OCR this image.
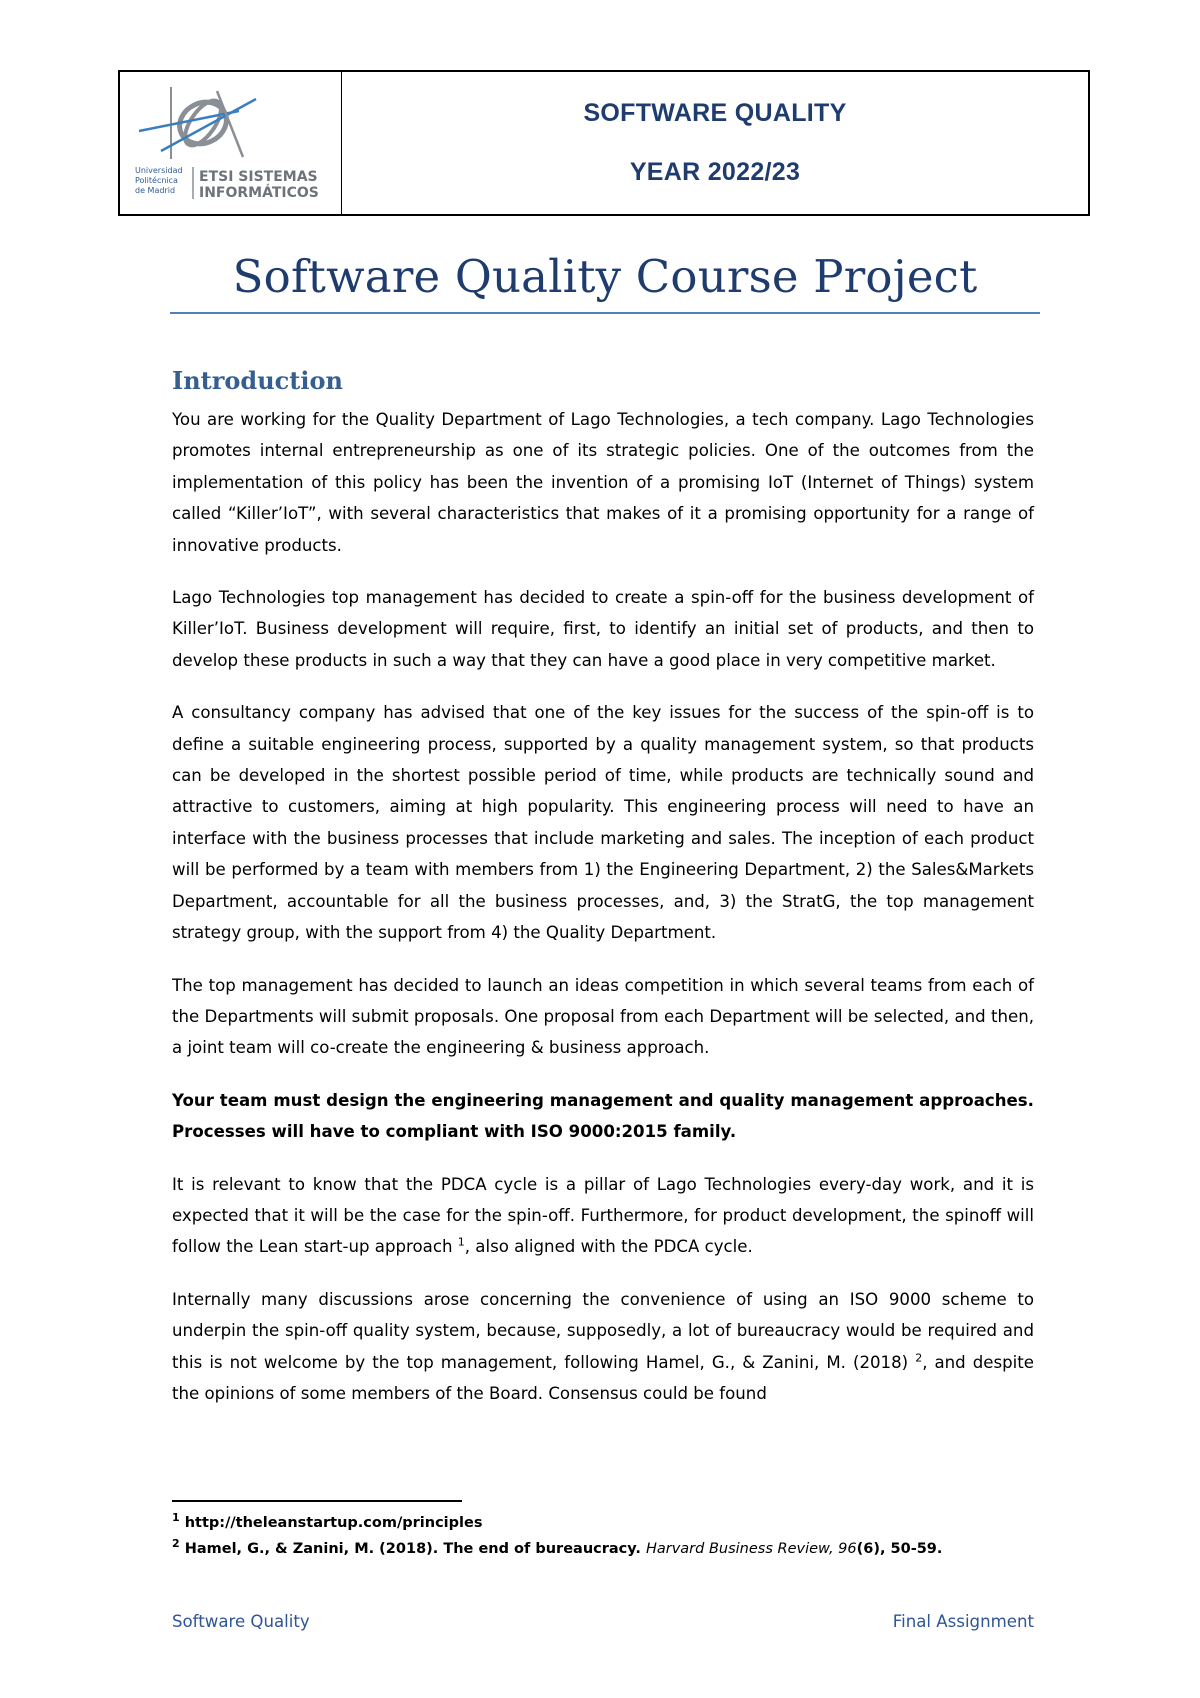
Universidad
Politécnica
de Madrid
ETSI SISTEMAS
INFORMÁTICOS
SOFTWARE QUALITY
YEAR 2022/23
Software Quality Course Project
Introduction

You are working for the Quality Department of Lago Technologies, a tech company. Lago Technologies promotes internal entrepreneurship as one of its strategic policies. One of the outcomes from the implementation of this policy has been the invention of a promising IoT (Internet of Things) system called “Killer’IoT”, with several characteristics that makes of it a promising opportunity for a range of innovative products.

Lago Technologies top management has decided to create a spin-off for the business development of Killer’IoT. Business development will require, first, to identify an initial set of products, and then to develop these products in such a way that they can have a good place in very competitive market.

A consultancy company has advised that one of the key issues for the success of the spin-off is to define a suitable engineering process, supported by a quality management system, so that products can be developed in the shortest possible period of time, while products are technically sound and attractive to customers, aiming at high popularity. This engineering process will need to have an interface with the business processes that include marketing and sales. The inception of each product will be performed by a team with members from 1) the Engineering Department, 2) the Sales&Markets Department, accountable for all the business processes, and, 3) the StratG, the top management strategy group, with the support from 4) the Quality Department.

The top management has decided to launch an ideas competition in which several teams from each of the Departments will submit proposals. One proposal from each Department will be selected, and then, a joint team will co-create the engineering & business approach.

Your team must design the engineering management and quality management approaches. Processes will have to compliant with ISO 9000:2015 family.

It is relevant to know that the PDCA cycle is a pillar of Lago Technologies every-day work, and it is expected that it will be the case for the spin-off. Furthermore, for product development, the spinoff will follow the Lean start-up approach $^1$, also aligned with the PDCA cycle.

Internally many discussions arose concerning the convenience of using an ISO 9000 scheme to underpin the spin-off quality system, because, supposedly, a lot of bureaucracy would be required and this is not welcome by the top management, following Hamel, G., & Zanini, M. (2018) $^2$, and despite the opinions of some members of the Board. Consensus could be found

$^1$ http://theleanstartup.com/principles
$^2$ Hamel, G., & Zanini, M. (2018). The end of bureaucracy. Harvard Business Review, 96(6), 50-59.
Software Quality	Final Assignment
